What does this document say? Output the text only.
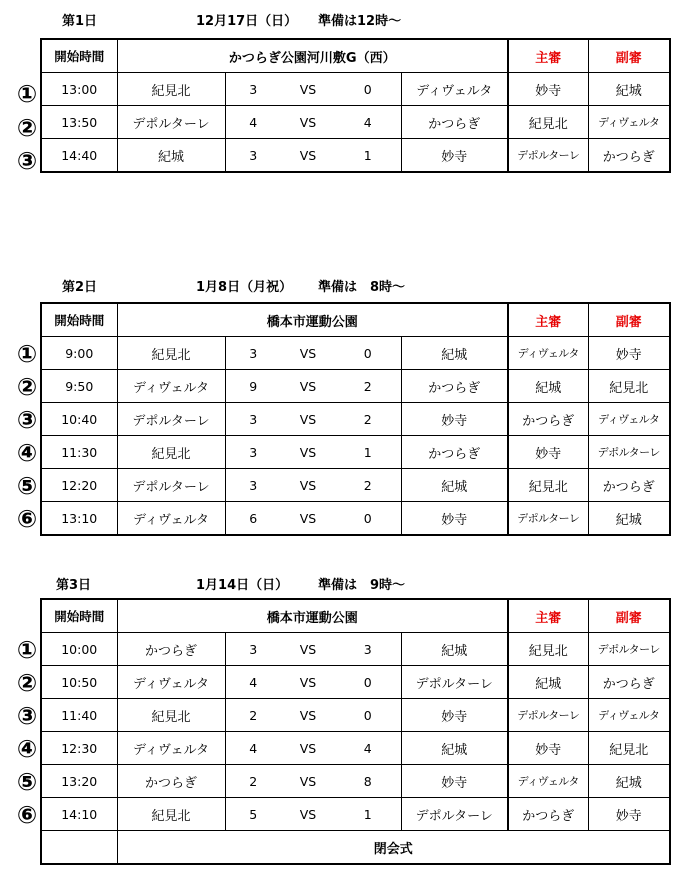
第1日	12月17日（日） 準備は12時～
①
②
③
開始時間	かつらぎ公園河川敷G（西）					主審	副審
13:00	紀見北	3	VS	0	ディヴェルタ	妙寺	紀城
13:50	デポルターレ	4	VS	4	かつらぎ	紀見北	ディヴェルタ
14:40	紀城	3	VS	1	妙寺	デポルターレ	かつらぎ
第2日	1月8日（月祝） 準備は　8時～
①
②
③
④
⑤
⑥
開始時間	橋本市運動公園					主審	副審
9:00	紀見北	3	VS	0	紀城	ディヴェルタ	妙寺
9:50	ディヴェルタ	9	VS	2	かつらぎ	紀城	紀見北
10:40	デポルターレ	3	VS	2	妙寺	かつらぎ	ディヴェルタ
11:30	紀見北	3	VS	1	かつらぎ	妙寺	デポルターレ
12:20	デポルターレ	3	VS	2	紀城	紀見北	かつらぎ
13:10	ディヴェルタ	6	VS	0	妙寺	デポルターレ	紀城
第3日	1月14日（日） 準備は　9時～
①
②
③
④
⑤
⑥
開始時間	橋本市運動公園					主審	副審
10:00	かつらぎ	3	VS	3	紀城	紀見北	デポルターレ
10:50	ディヴェルタ	4	VS	0	デポルターレ	紀城	かつらぎ
11:40	紀見北	2	VS	0	妙寺	デポルターレ	ディヴェルタ
12:30	ディヴェルタ	4	VS	4	紀城	妙寺	紀見北
13:20	かつらぎ	2	VS	8	妙寺	ディヴェルタ	紀城
14:10	紀見北	5	VS	1	デポルターレ	かつらぎ	妙寺
	閉会式						
